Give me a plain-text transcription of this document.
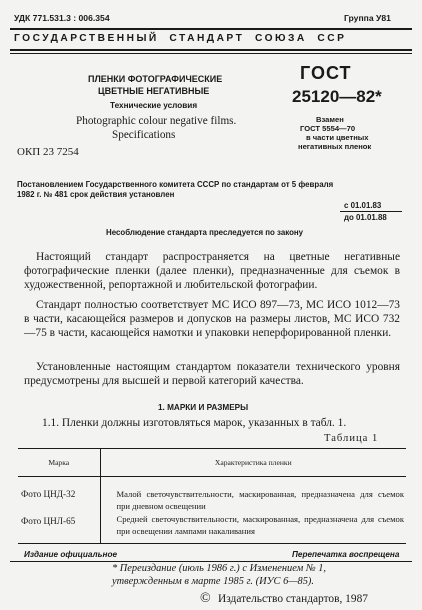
УДК 771.531.3 : 006.354	Группа У81
ГОСУДАРСТВЕННЫЙ  СТАНДАРТ  СОЮЗА  ССР
ПЛЕНКИ ФОТОГРАФИЧЕСКИЕ
ЦВЕТНЫЕ НЕГАТИВНЫЕ
Технические условия
Photographic colour negative films.
Specifications
ОКП 23 7254
ГОСТ
25120—82*
Взамен
ГОСТ 5554—70
в части цветных
негативных пленок
Постановлением Государственного комитета СССР по стандартам от 5 февраля
1982 г. № 481 срок действия установлен
с 01.01.83
до 01.01.88
Несоблюдение стандарта преследуется по закону

Настоящий стандарт распространяется на цветные негативные фотографические пленки (далее пленки), предназначенные для съемок в художественной, репортажной и любительской фотографии.

Стандарт полностью соответствует МС ИСО 897—73, МС ИСО 1012—73 в части, касающейся размеров и допусков на размеры листов, МС ИСО 732—75 в части, касающейся намотки и упаковки неперфорированной пленки.

Установленные настоящим стандартом показатели технического уровня предусмотрены для высшей и первой категорий качества.

1. МАРКИ И РАЗМЕРЫ
1.1. Пленки должны изготовляться марок, указанных в табл. 1.
Таблица 1
Марка	Характеристика пленки
Фото ЦНД-32	Малой светочувствительности, маскированная, предназначена для съемок при дневном освещении
Фото ЦНЛ-65	Средней светочувствительности, маскированная, предназначена для съемок при освещении лампами накаливания
Издание официальное	Перепечатка воспрещена
* Переиздание (июль 1986 г.) с Изменением № 1,
утвержденным в марте 1985 г. (ИУС 6—85).
© Издательство стандартов, 1987
